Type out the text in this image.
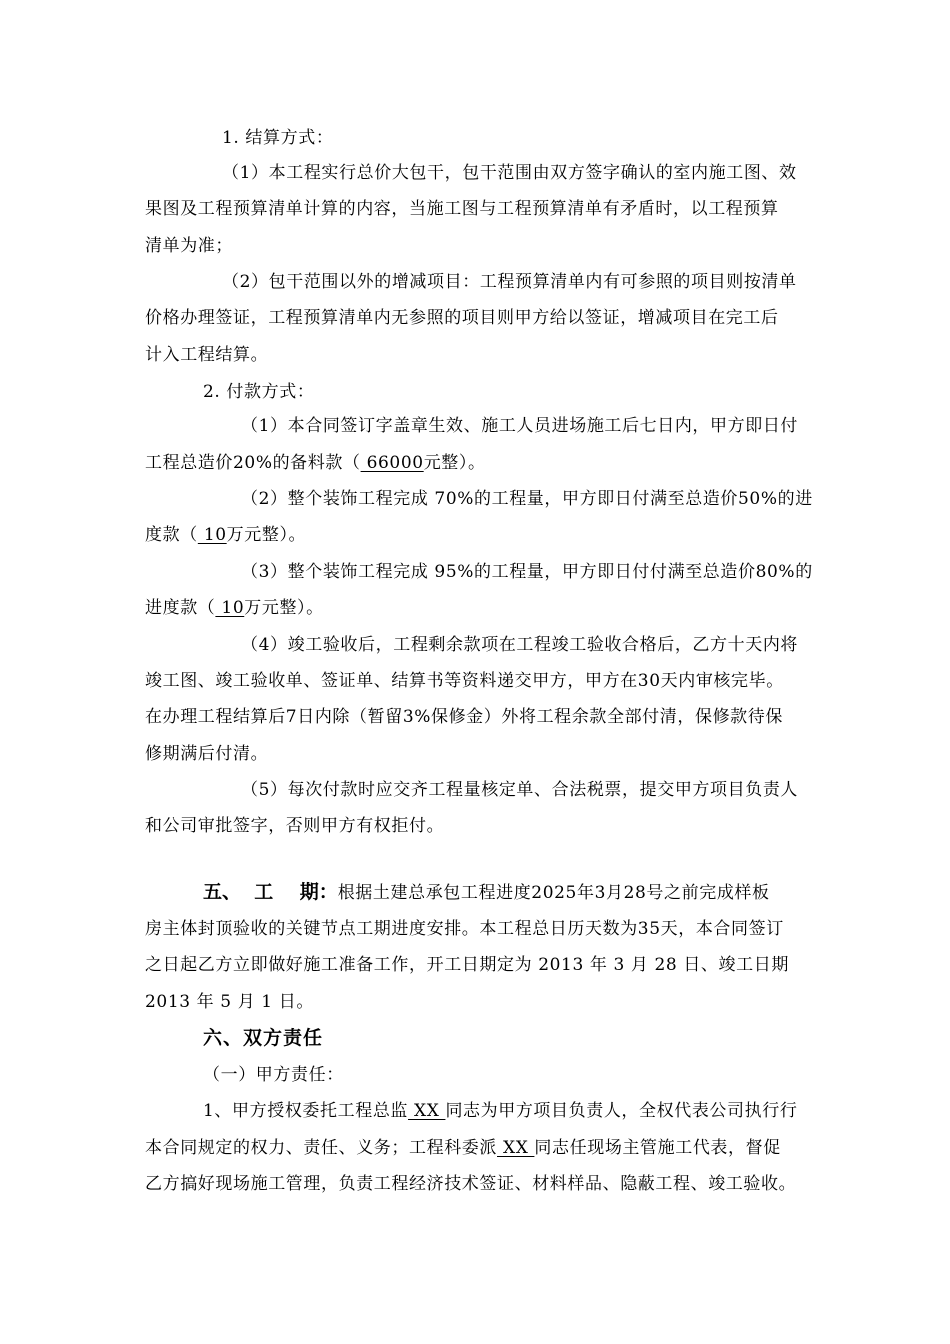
1. 结算方式：
（1）本工程实行总价大包干，包干范围由双方签字确认的室内施工图、效
果图及工程预算清单计算的内容，当施工图与工程预算清单有矛盾时，以工程预算
清单为准；
（2）包干范围以外的增减项目：工程预算清单内有可参照的项目则按清单
价格办理签证，工程预算清单内无参照的项目则甲方给以签证，增减项目在完工后
计入工程结算。
2. 付款方式：
（1）本合同签订字盖章生效、施工人员进场施工后七日内，甲方即日付
工程总造价20%的备料款（ 66000元整）。
（2）整个装饰工程完成 70%的工程量，甲方即日付满至总造价50%的进
度款（ 10万元整）。
（3）整个装饰工程完成 95%的工程量，甲方即日付付满至总造价80%的
进度款（ 10万元整）。
（4）竣工验收后，工程剩余款项在工程竣工验收合格后，乙方十天内将
竣工图、竣工验收单、签证单、结算书等资料递交甲方，甲方在30天内审核完毕。
在办理工程结算后7日内除（暂留3%保修金）外将工程余款全部付清，保修款待保
修期满后付清。
（5）每次付款时应交齐工程量核定单、合法税票，提交甲方项目负责人
和公司审批签字，否则甲方有权拒付。
五、  工    期：根据土建总承包工程进度2025年3月28号之前完成样板
房主体封顶验收的关键节点工期进度安排。本工程总日历天数为35天，本合同签订
之日起乙方立即做好施工准备工作，开工日期定为 2013 年 3 月 28 日、竣工日期
2013 年 5 月 1 日。
六、双方责任
（一）甲方责任：
1、甲方授权委托工程总监 XX 同志为甲方项目负责人，全权代表公司执行行
本合同规定的权力、责任、义务；工程科委派 XX 同志任现场主管施工代表，督促
乙方搞好现场施工管理，负责工程经济技术签证、材料样品、隐蔽工程、竣工验收。
